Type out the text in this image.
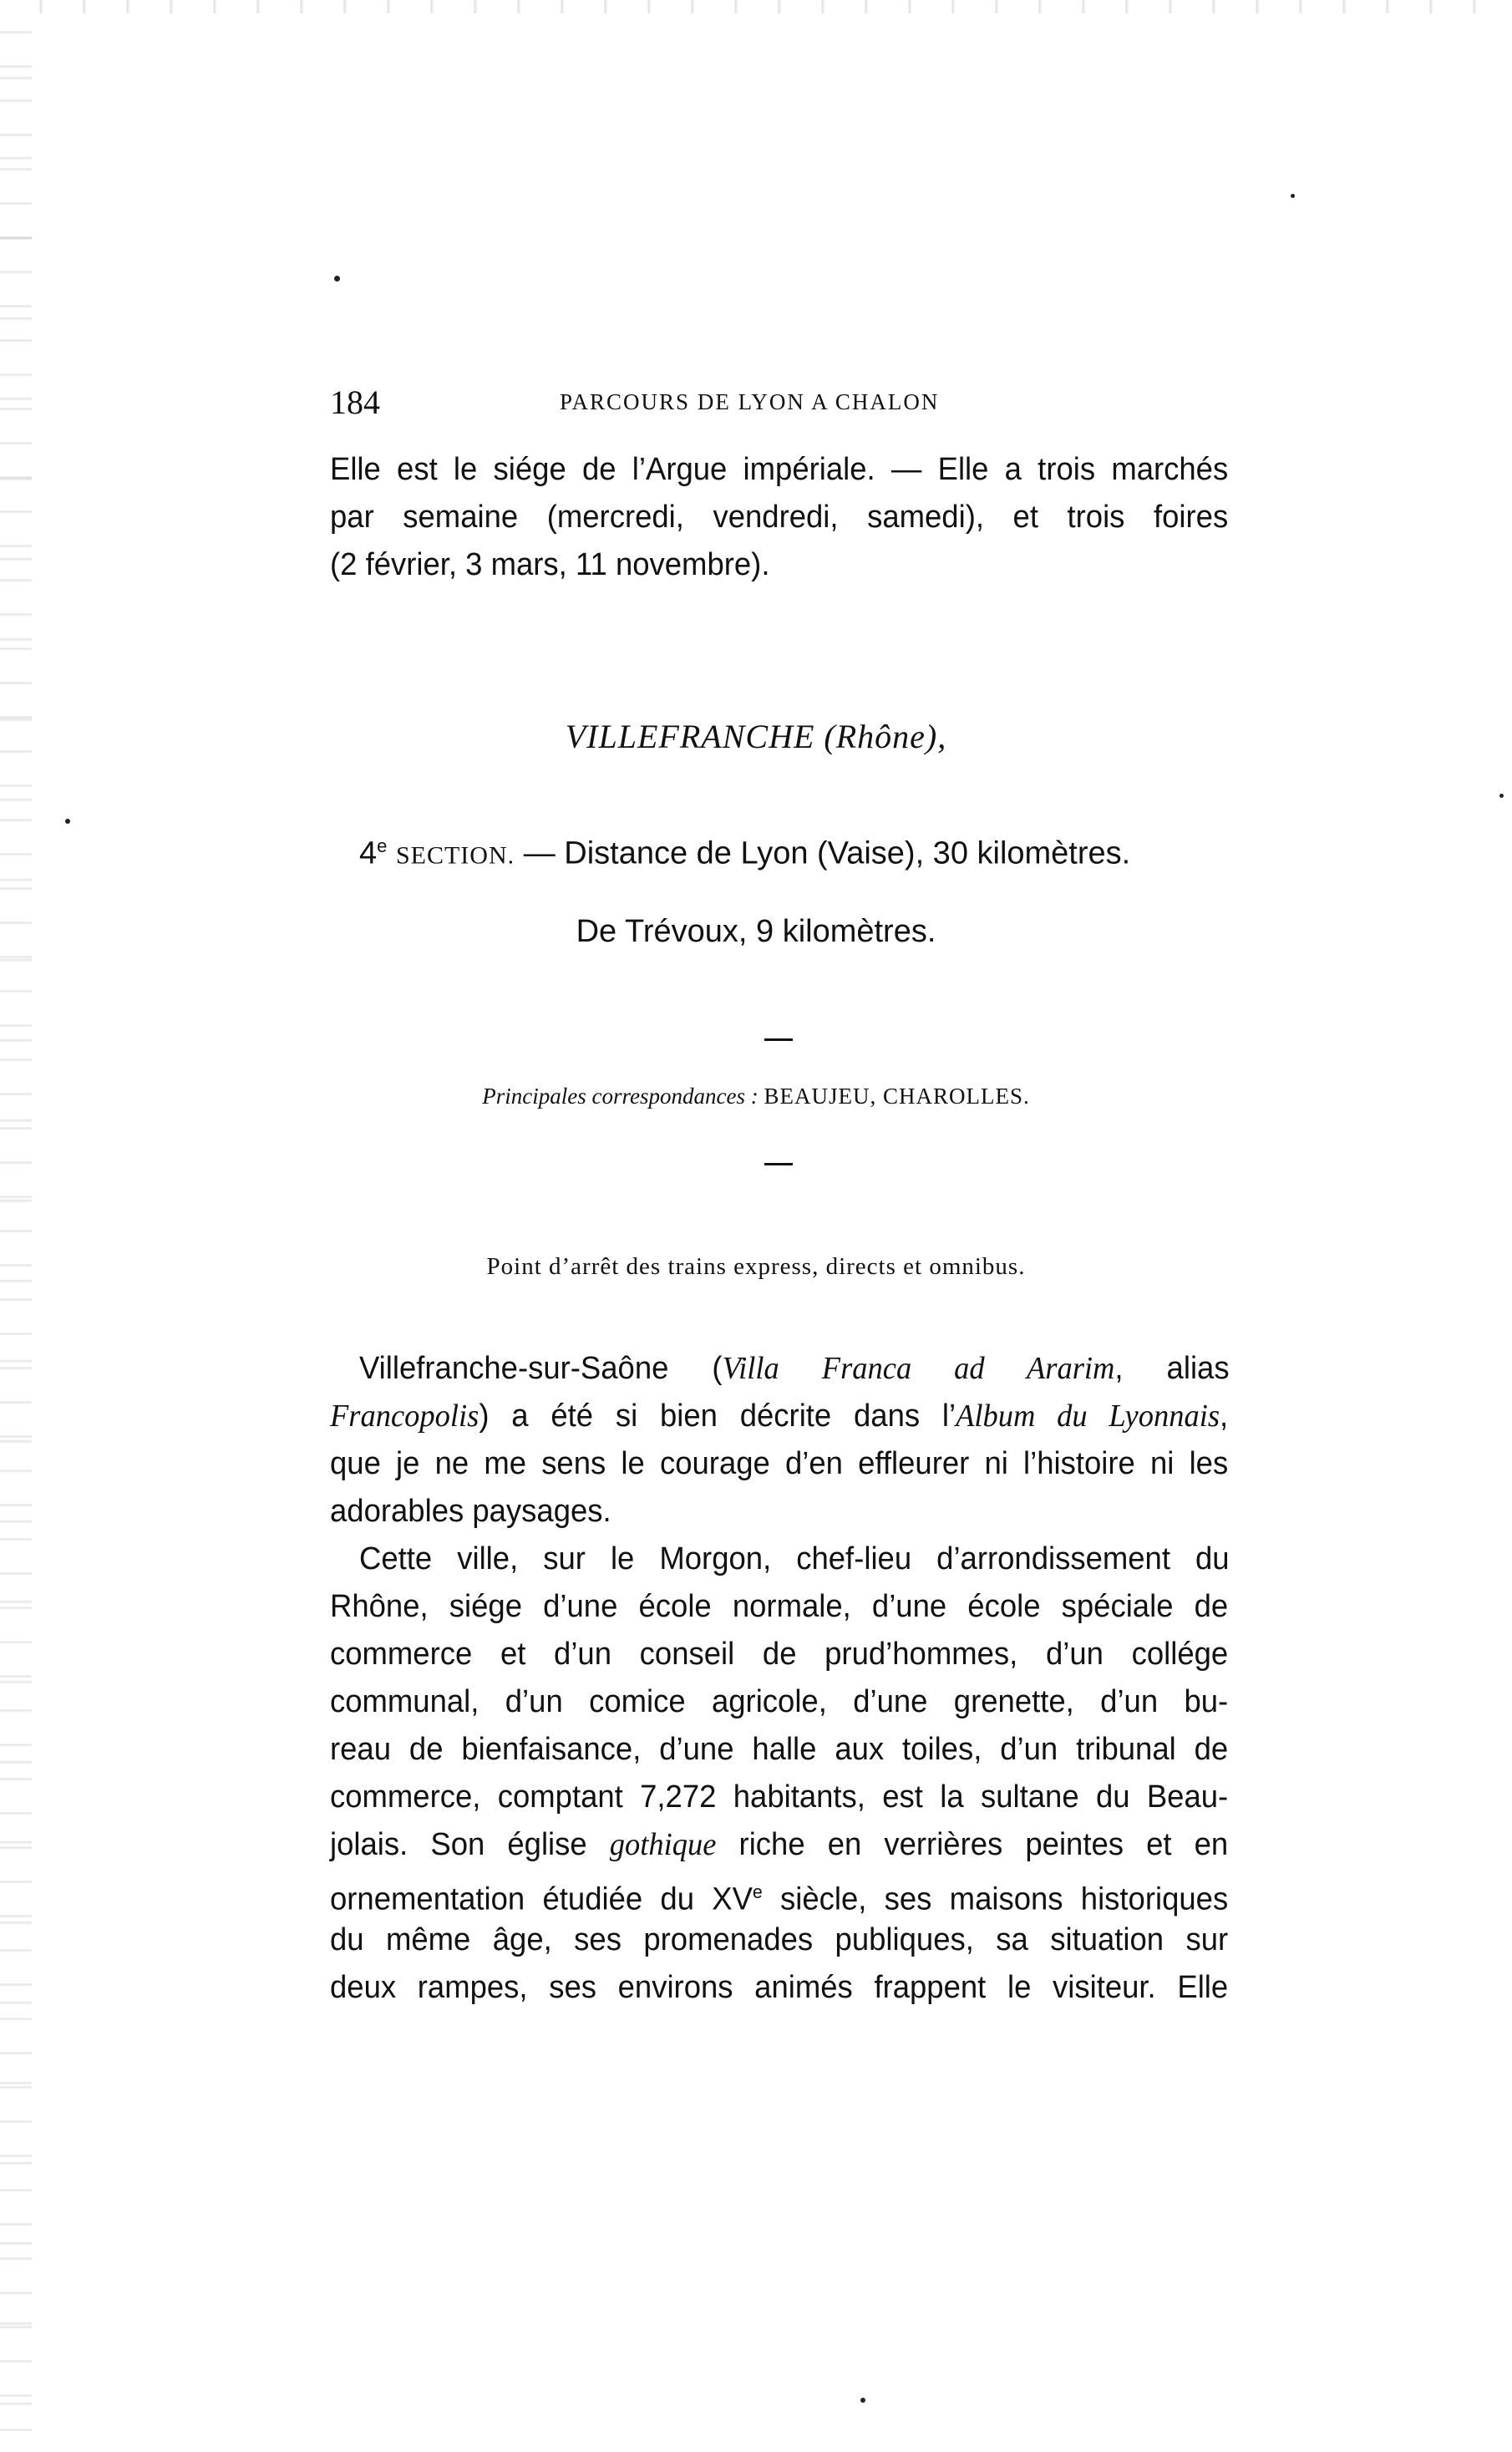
184	PARCOURS DE LYON A CHALON
Elle est le siége de l’Argue impériale. — Elle a trois marchés
par semaine (mercredi, vendredi, samedi), et trois foires
(2 février, 3 mars, 11 novembre).
VILLEFRANCHE (Rhône),
4e SECTION. — Distance de Lyon (Vaise), 30 kilomètres.
De Trévoux, 9 kilomètres.
Principales correspondances : BEAUJEU, CHAROLLES.
Point d’arrêt des trains express, directs et omnibus.
Villefranche-sur-Saône (Villa Franca ad Ararim, alias
Francopolis) a été si bien décrite dans l’Album du Lyonnais,
que je ne me sens le courage d’en effleurer ni l’histoire ni les
adorables paysages.
Cette ville, sur le Morgon, chef-lieu d’arrondissement du
Rhône, siége d’une école normale, d’une école spéciale de
commerce et d’un conseil de prud’hommes, d’un collége
communal, d’un comice agricole, d’une grenette, d’un bu-
reau de bienfaisance, d’une halle aux toiles, d’un tribunal de
commerce, comptant 7,272 habitants, est la sultane du Beau-
jolais. Son église gothique riche en verrières peintes et en
ornementation étudiée du XVe siècle, ses maisons historiques
du même âge, ses promenades publiques, sa situation sur
deux rampes, ses environs animés frappent le visiteur. Elle
